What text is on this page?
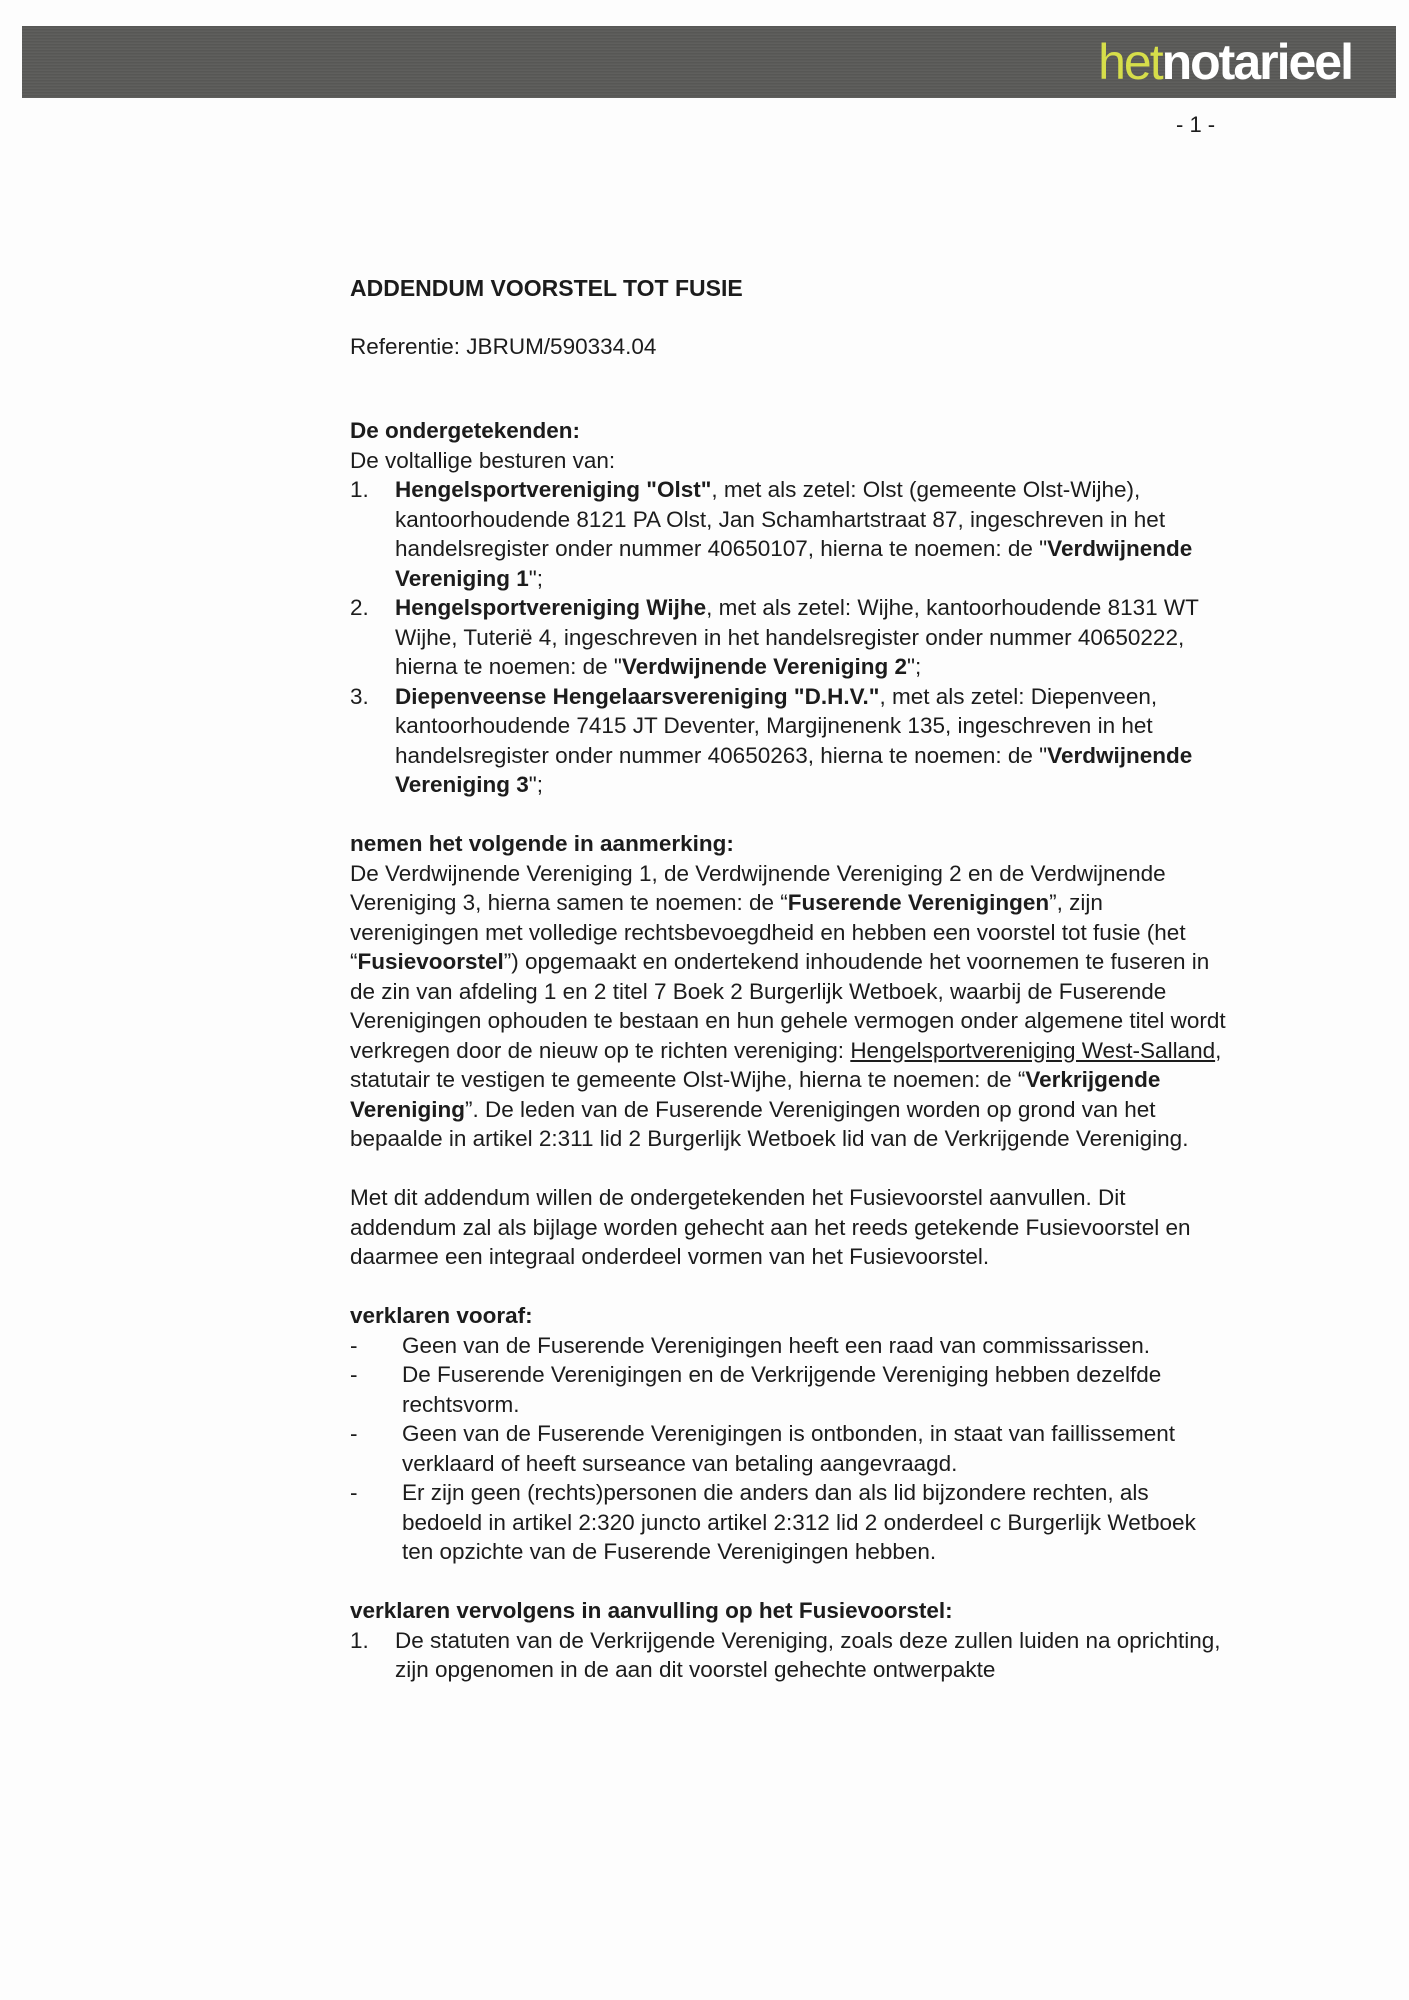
hetnotarieel
- 1 -
ADDENDUM VOORSTEL TOT FUSIE
Referentie: JBRUM/590334.04
De ondergetekenden:
De voltallige besturen van:
1. Hengelsportvereniging "Olst", met als zetel: Olst (gemeente Olst-Wijhe), kantoorhoudende 8121 PA Olst, Jan Schamhartstraat 87, ingeschreven in het handelsregister onder nummer 40650107, hierna te noemen: de "Verdwijnende Vereniging 1";
2. Hengelsportvereniging Wijhe, met als zetel: Wijhe, kantoorhoudende 8131 WT Wijhe, Tuterië 4, ingeschreven in het handelsregister onder nummer 40650222, hierna te noemen: de "Verdwijnende Vereniging 2";
3. Diepenveense Hengelaarsvereniging "D.H.V.", met als zetel: Diepenveen, kantoorhoudende 7415 JT Deventer, Margijnenenk 135, ingeschreven in het handelsregister onder nummer 40650263, hierna te noemen: de "Verdwijnende Vereniging 3";
nemen het volgende in aanmerking:

De Verdwijnende Vereniging 1, de Verdwijnende Vereniging 2 en de Verdwijnende Vereniging 3, hierna samen te noemen: de “Fuserende Verenigingen”, zijn verenigingen met volledige rechtsbevoegdheid en hebben een voorstel tot fusie (het “Fusievoorstel”) opgemaakt en ondertekend inhoudende het voornemen te fuseren in de zin van afdeling 1 en 2 titel 7 Boek 2 Burgerlijk Wetboek, waarbij de Fuserende Verenigingen ophouden te bestaan en hun gehele vermogen onder algemene titel wordt verkregen door de nieuw op te richten vereniging: Hengelsportvereniging West-Salland, statutair te vestigen te gemeente Olst-Wijhe, hierna te noemen: de “Verkrijgende Vereniging”. De leden van de Fuserende Verenigingen worden op grond van het bepaalde in artikel 2:311 lid 2 Burgerlijk Wetboek lid van de Verkrijgende Vereniging.

Met dit addendum willen de ondergetekenden het Fusievoorstel aanvullen. Dit addendum zal als bijlage worden gehecht aan het reeds getekende Fusievoorstel en daarmee een integraal onderdeel vormen van het Fusievoorstel.

verklaren vooraf:
- Geen van de Fuserende Verenigingen heeft een raad van commissarissen.
- De Fuserende Verenigingen en de Verkrijgende Vereniging hebben dezelfde rechtsvorm.
- Geen van de Fuserende Verenigingen is ontbonden, in staat van faillissement verklaard of heeft surseance van betaling aangevraagd.
- Er zijn geen (rechts)personen die anders dan als lid bijzondere rechten, als bedoeld in artikel 2:320 juncto artikel 2:312 lid 2 onderdeel c Burgerlijk Wetboek ten opzichte van de Fuserende Verenigingen hebben.
verklaren vervolgens in aanvulling op het Fusievoorstel:
1. De statuten van de Verkrijgende Vereniging, zoals deze zullen luiden na oprichting, zijn opgenomen in de aan dit voorstel gehechte ontwerpakte
